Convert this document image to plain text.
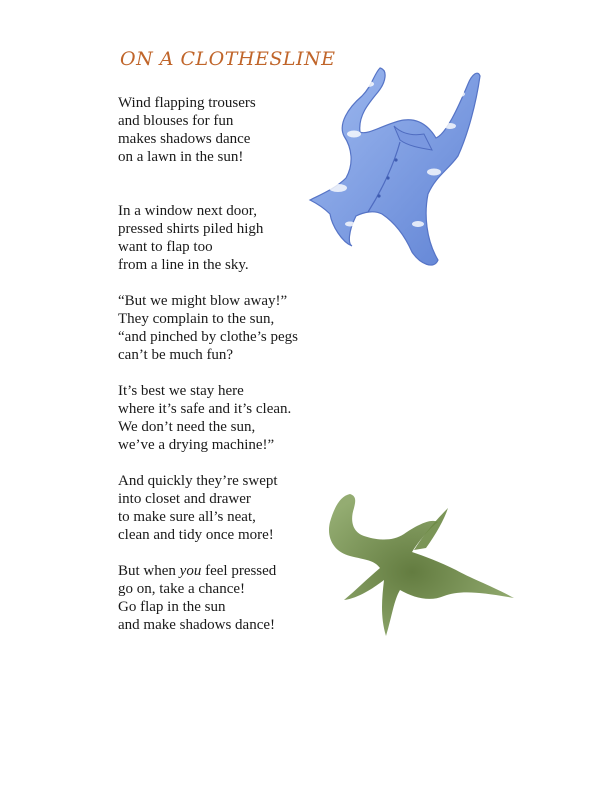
ON A CLOTHESLINE

Wind flapping trousers
and blouses for fun
makes shadows dance
on a lawn in the sun!

In a window next door,
pressed shirts piled high
want to flap too
from a line in the sky.

“But we might blow away!”
They complain to the sun,
“and pinched by clothe’s pegs
can’t be much fun?

It’s best we stay here
where it’s safe and it’s clean.
We don’t need the sun,
we’ve a drying machine!”

And quickly they’re swept
into closet and drawer
to make sure all’s neat,
clean and tidy once more!

But when you feel pressed
go on, take a chance!
Go flap in the sun
and make shadows dance!
